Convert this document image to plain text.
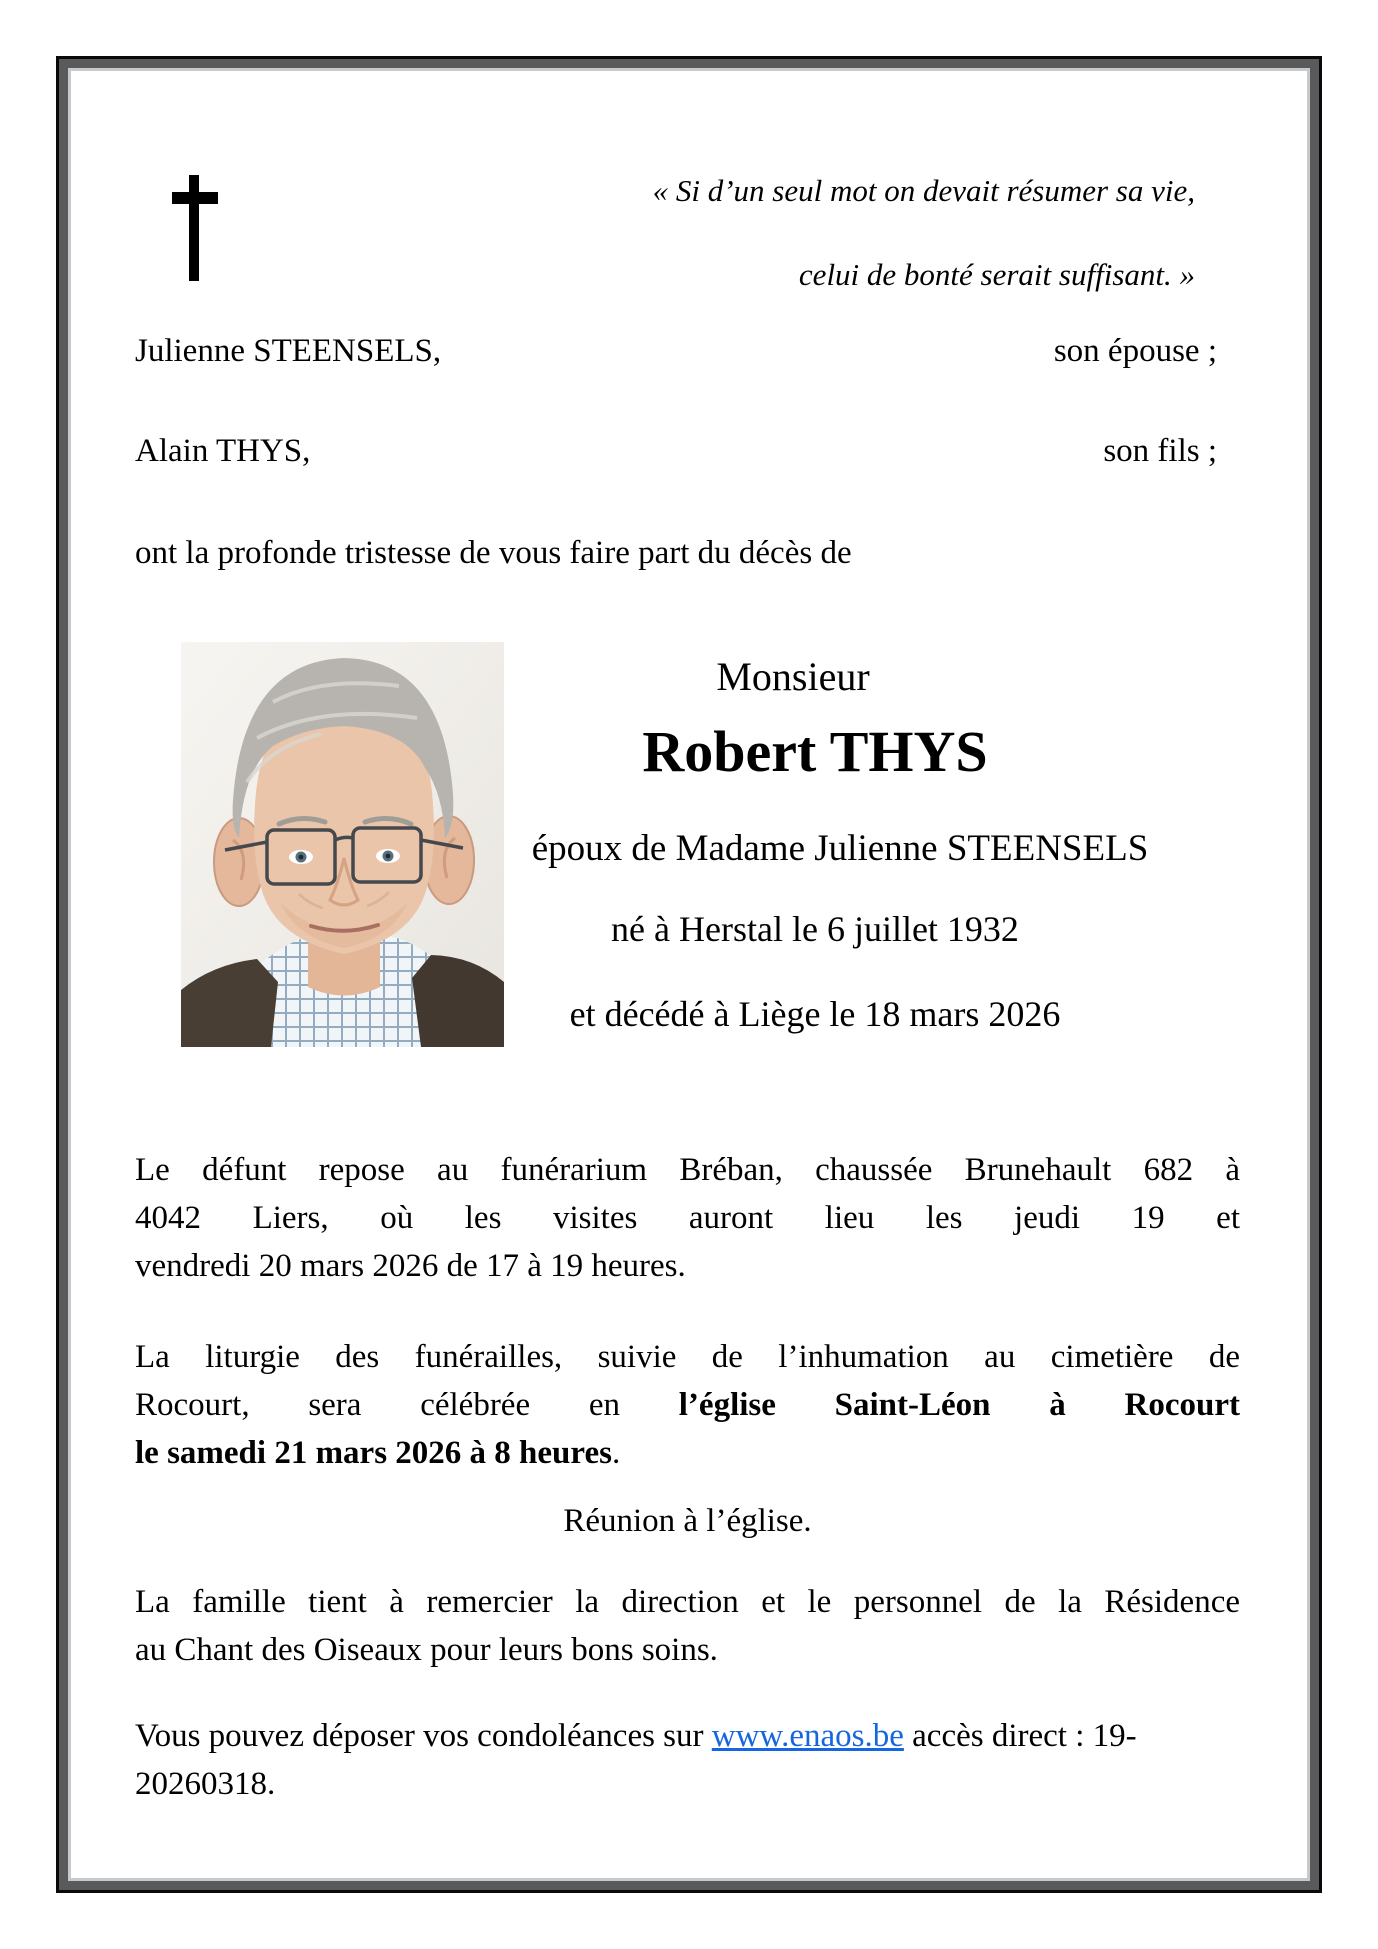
« Si d’un seul mot on devait résumer sa vie,

celui de bonté serait suffisant. »

Julienne STEENSELS,	son épouse ;
Alain THYS,	son fils ;
ont la profonde tristesse de vous faire part du décès de
Monsieur
Robert THYS
époux de Madame Julienne STEENSELS
né à Herstal le 6 juillet 1932
et décédé à Liège le 18 mars 2026
Le défunt repose au funérarium Bréban, chaussée Brunehault 682 à
4042 Liers, où les visites auront lieu les jeudi 19 et
vendredi 20 mars 2026 de 17 à 19 heures.
La liturgie des funérailles, suivie de l’inhumation au cimetière de
Rocourt, sera célébrée en l’église Saint-Léon à Rocourt
le samedi 21 mars 2026 à 8 heures.
Réunion à l’église.
La famille tient à remercier la direction et le personnel de la Résidence
au Chant des Oiseaux pour leurs bons soins.
Vous pouvez déposer vos condoléances sur www.enaos.be accès direct : 19-20260318.
